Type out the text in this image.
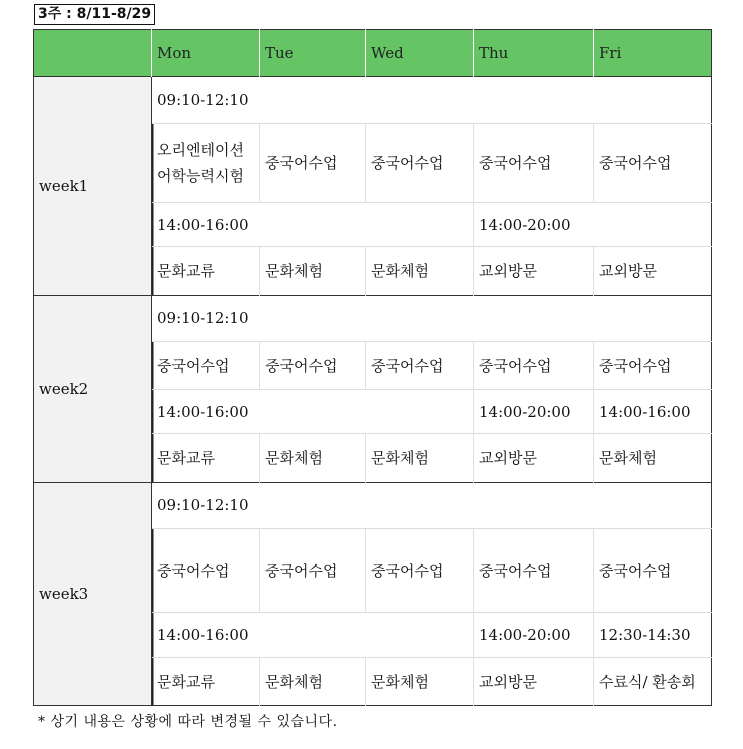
3주 : 8/11-8/29
	Mon	Tue	Wed	Thu	Fri
week1	09:10-12:10				

	오리엔테이션
어학능력시험	중국어수업	중국어수업	중국어수업	중국어수업
	14:00-16:00			14:00-20:00	
	문화교류	문화체험	문화체험	교외방문	교외방문
week2	09:10-12:10				
	중국어수업	중국어수업	중국어수업	중국어수업	중국어수업
	14:00-16:00			14:00-20:00	14:00-16:00
	문화교류	문화체험	문화체험	교외방문	문화체험
week3	09:10-12:10				
	중국어수업	중국어수업	중국어수업	중국어수업	중국어수업
	14:00-16:00			14:00-20:00	12:30-14:30
	문화교류	문화체험	문화체험	교외방문	수료식/ 환송회
* 상기 내용은 상황에 따라 변경될 수 있습니다.
